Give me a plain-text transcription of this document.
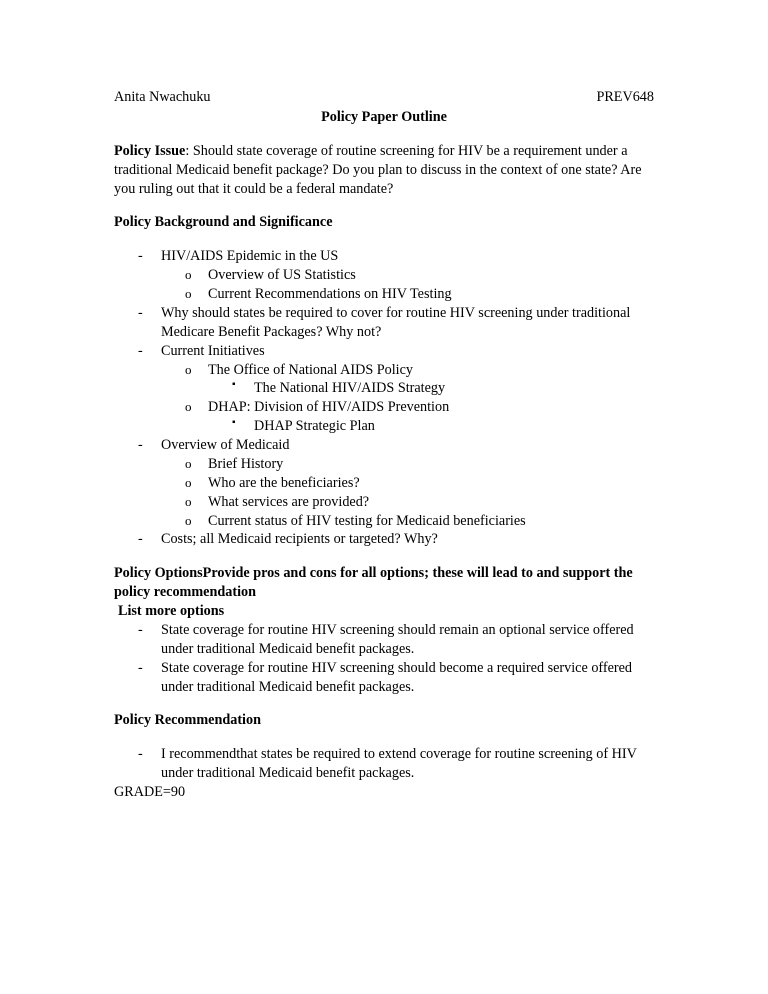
Anita Nwachuku	PREV648
Policy Paper Outline

Policy Issue: Should state coverage of routine screening for HIV be a requirement under a traditional Medicaid benefit package? Do you plan to discuss in the context of one state? Are you ruling out that it could be a federal mandate?

Policy Background and Significance

- HIV/AIDS Epidemic in the US
o Overview of US Statistics
o Current Recommendations on HIV Testing
- Why should states be required to cover for routine HIV screening under traditional Medicare Benefit Packages? Why not?
- Current Initiatives
o The Office of National AIDS Policy
▪ The National HIV/AIDS Strategy
o DHAP: Division of HIV/AIDS Prevention
▪ DHAP Strategic Plan
- Overview of Medicaid
o Brief History
o Who are the beneficiaries?
o What services are provided?
o Current status of HIV testing for Medicaid beneficiaries
- Costs; all Medicaid recipients or targeted? Why?

Policy OptionsProvide pros and cons for all options; these will lead to and support the policy recommendation

List more options

- State coverage for routine HIV screening should remain an optional service offered under traditional Medicaid benefit packages.
- State coverage for routine HIV screening should become a required service offered under traditional Medicaid benefit packages.

Policy Recommendation

- I recommendthat states be required to extend coverage for routine screening of HIV under traditional Medicaid benefit packages.

GRADE=90
